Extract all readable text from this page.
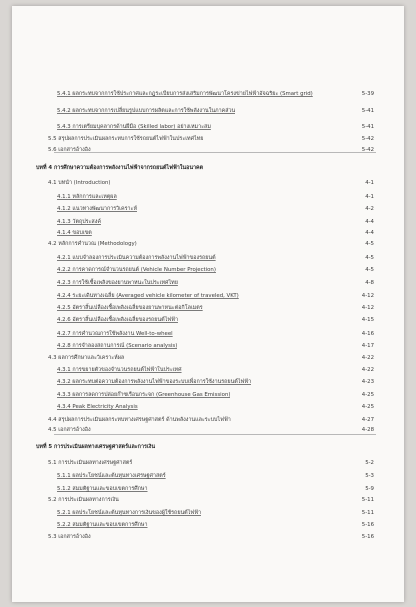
5.4.1 ผลกระทบจากการใช้ประกาศและกฎระเบียบการส่งเสริมการพัฒนาโครงข่ายไฟฟ้าอัจฉริยะ (Smart grid)	5-39
5.4.2 ผลกระทบจากการเปลี่ยนรูปแบบการผลิตและการใช้พลังงานในภาคส่วน	5-41
5.4.3 การเตรียมบุคลากรด้านฝีมือ (Skilled labor) อย่างเหมาะสม	5-41
5.5 สรุปผลการประเมินผลกระทบการใช้รถยนต์ไฟฟ้าในประเทศไทย	5-42
5.6 เอกสารอ้างอิง	5-42
บทที่ 4 การศึกษาความต้องการพลังงานไฟฟ้าจากรถยนต์ไฟฟ้าในอนาคต
4.1 บทนำ (Introduction)	4-1
4.1.1 หลักการและเหตุผล	4-1
4.1.2 แนวทางพัฒนาการวิเคราะห์	4-2
4.1.3 วัตถุประสงค์	4-4
4.1.4 ขอบเขต	4-4
4.2 หลักการคำนวณ (Methodology)	4-5
4.2.1 แบบจำลองการประเมินความต้องการพลังงานไฟฟ้าของรถยนต์	4-5
4.2.2 การคาดการณ์จำนวนรถยนต์ (Vehicle Number Projection)	4-5
4.2.3 การใช้เชื้อเพลิงของยานพาหนะในประเทศไทย	4-8
4.2.4 ระยะเดินทางเฉลี่ย (Averaged vehicle kilometer of traveled, VKT)	4-12
4.2.5 อัตราสิ้นเปลืองเชื้อเพลิงเฉลี่ยของยานพาหนะต่อกิโลเมตร	4-12
4.2.6 อัตราสิ้นเปลืองเชื้อเพลิงเฉลี่ยของรถยนต์ไฟฟ้า	4-15
4.2.7 การคำนวณการใช้พลังงาน Well-to-wheel	4-16
4.2.8 การจำลองสถานการณ์ (Scenario analysis)	4-17
4.3 ผลการศึกษาและวิเคราะห์ผล	4-22
4.3.1 การขยายตัวของจำนวนรถยนต์ไฟฟ้าในประเทศ	4-22
4.3.2 ผลกระทบต่อความต้องการพลังงานไฟฟ้าของระบบเพื่อการใช้งานรถยนต์ไฟฟ้า	4-23
4.3.3 ผลการลดการปล่อยก๊าซเรือนกระจก (Greenhouse Gas Emission)	4-25
4.3.4 Peak Electricity Analysis	4-25
4.4 สรุปผลการประเมินผลกระทบทางเศรษฐศาสตร์ ด้านพลังงานและระบบไฟฟ้า	4-27
4.5 เอกสารอ้างอิง	4-28
บทที่ 5 การประเมินผลทางเศรษฐศาสตร์และการเงิน
5.1 การประเมินผลทางเศรษฐศาสตร์	5-2
5.1.1 ผลประโยชน์และต้นทุนทางเศรษฐศาสตร์	5-3
5.1.2 สมมติฐานและขอบเขตการศึกษา	5-9
5.2 การประเมินผลทางการเงิน	5-11
5.2.1 ผลประโยชน์และต้นทุนทางการเงินของผู้ใช้รถยนต์ไฟฟ้า	5-11
5.2.2 สมมติฐานและขอบเขตการศึกษา	5-16
5.3 เอกสารอ้างอิง	5-16
